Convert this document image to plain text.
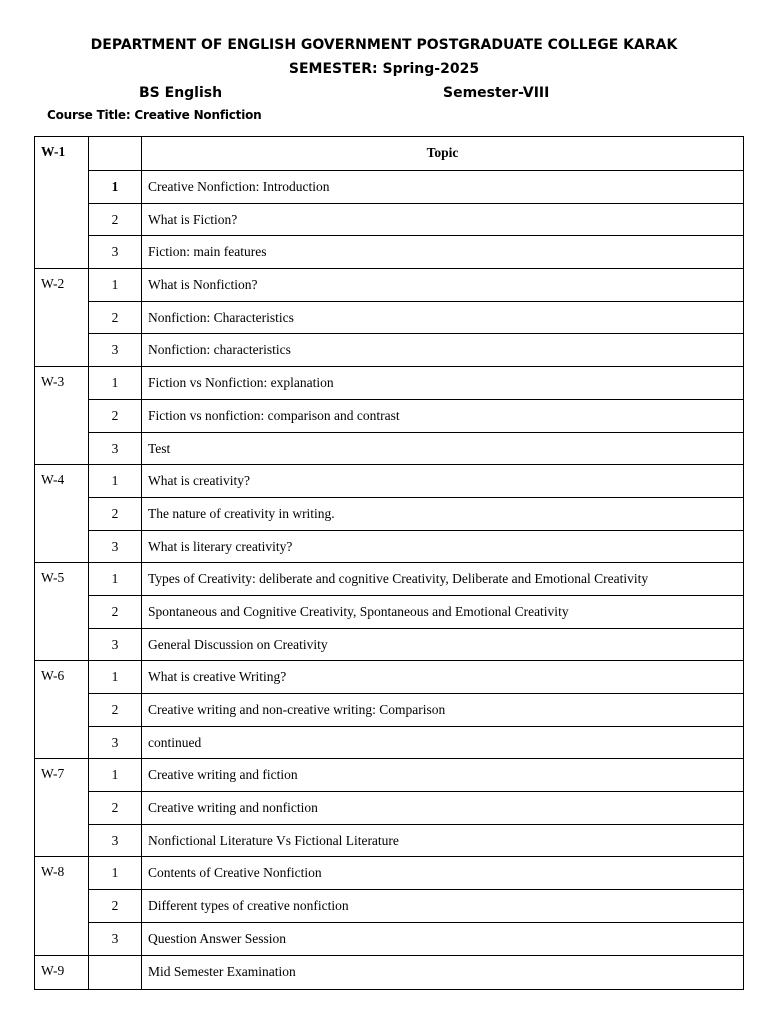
DEPARTMENT OF ENGLISH GOVERNMENT POSTGRADUATE COLLEGE KARAK
SEMESTER: Spring-2025
BS English	Semester-VIII
Course Title: Creative Nonfiction
W-1		Topic
	1	Creative Nonfiction: Introduction
	2	What is Fiction?
	3	Fiction: main features
W-2	1	What is Nonfiction?
	2	Nonfiction: Characteristics
	3	Nonfiction: characteristics
W-3	1	Fiction vs Nonfiction: explanation
	2	Fiction vs nonfiction: comparison and contrast
	3	Test
W-4	1	What is creativity?
	2	The nature of creativity in writing.
	3	What is literary creativity?
W-5	1	Types of Creativity: deliberate and cognitive Creativity, Deliberate and Emotional Creativity
	2	Spontaneous and Cognitive Creativity, Spontaneous and Emotional Creativity
	3	General Discussion on Creativity
W-6	1	What is creative Writing?
	2	Creative writing and non-creative writing: Comparison
	3	continued
W-7	1	Creative writing and fiction
	2	Creative writing and nonfiction
	3	Nonfictional Literature Vs Fictional Literature
W-8	1	Contents of Creative Nonfiction
	2	Different types of creative nonfiction
	3	Question Answer Session
W-9		Mid Semester Examination
